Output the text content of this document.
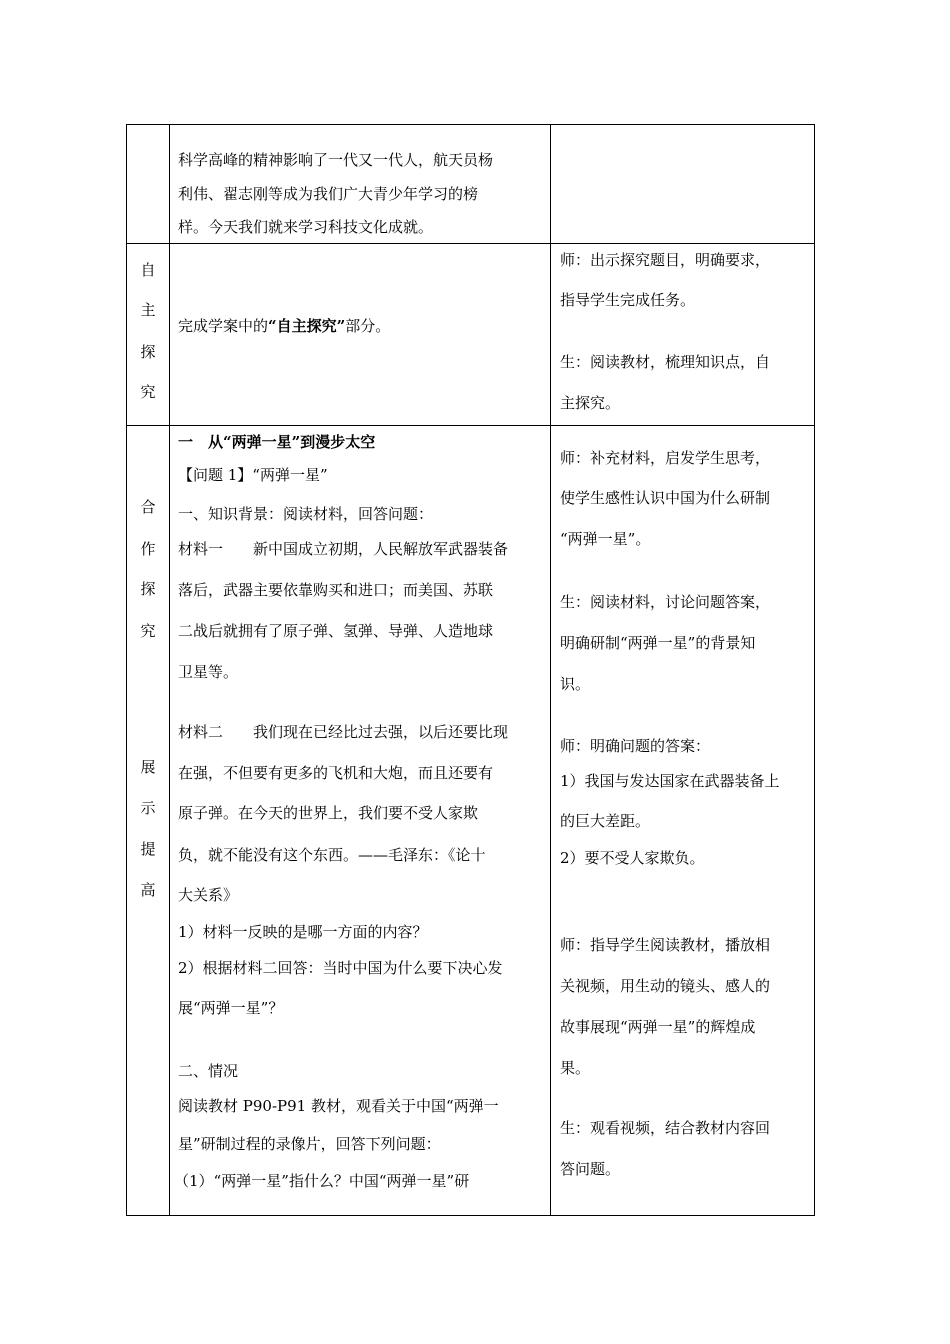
科学高峰的精神影响了一代又一代人，航天员杨
利伟、翟志刚等成为我们广大青少年学习的榜
样。今天我们就来学习科技文化成就。
自
主
探
究
完成学案中的“自主探究”部分。
师：出示探究题目，明确要求，
指导学生完成任务。
生：阅读教材，梳理知识点，自
主探究。
合
作
探
究
展
示
提
高
一　从“两弹一星”到漫步太空
【问题 1】“两弹一星”
一、知识背景：阅读材料，回答问题：
材料一　　新中国成立初期，人民解放军武器装备
落后，武器主要依靠购买和进口；而美国、苏联
二战后就拥有了原子弹、氢弹、导弹、人造地球
卫星等。
材料二　　我们现在已经比过去强，以后还要比现
在强，不但要有更多的飞机和大炮，而且还要有
原子弹。在今天的世界上，我们要不受人家欺
负，就不能没有这个东西。——毛泽东：《论十
大关系》
1）材料一反映的是哪一方面的内容？
2）根据材料二回答：当时中国为什么要下决心发
展“两弹一星”？
二、情况
阅读教材 P90-P91 教材，观看关于中国“两弹一
星”研制过程的录像片，回答下列问题：
（1）“两弹一星”指什么？中国“两弹一星”研
师：补充材料，启发学生思考，
使学生感性认识中国为什么研制
“两弹一星”。
生：阅读材料，讨论问题答案，
明确研制“两弹一星”的背景知
识。
师：明确问题的答案：
1）我国与发达国家在武器装备上
的巨大差距。
2）要不受人家欺负。
师：指导学生阅读教材，播放相
关视频，用生动的镜头、感人的
故事展现“两弹一星”的辉煌成
果。
生：观看视频，结合教材内容回
答问题。
